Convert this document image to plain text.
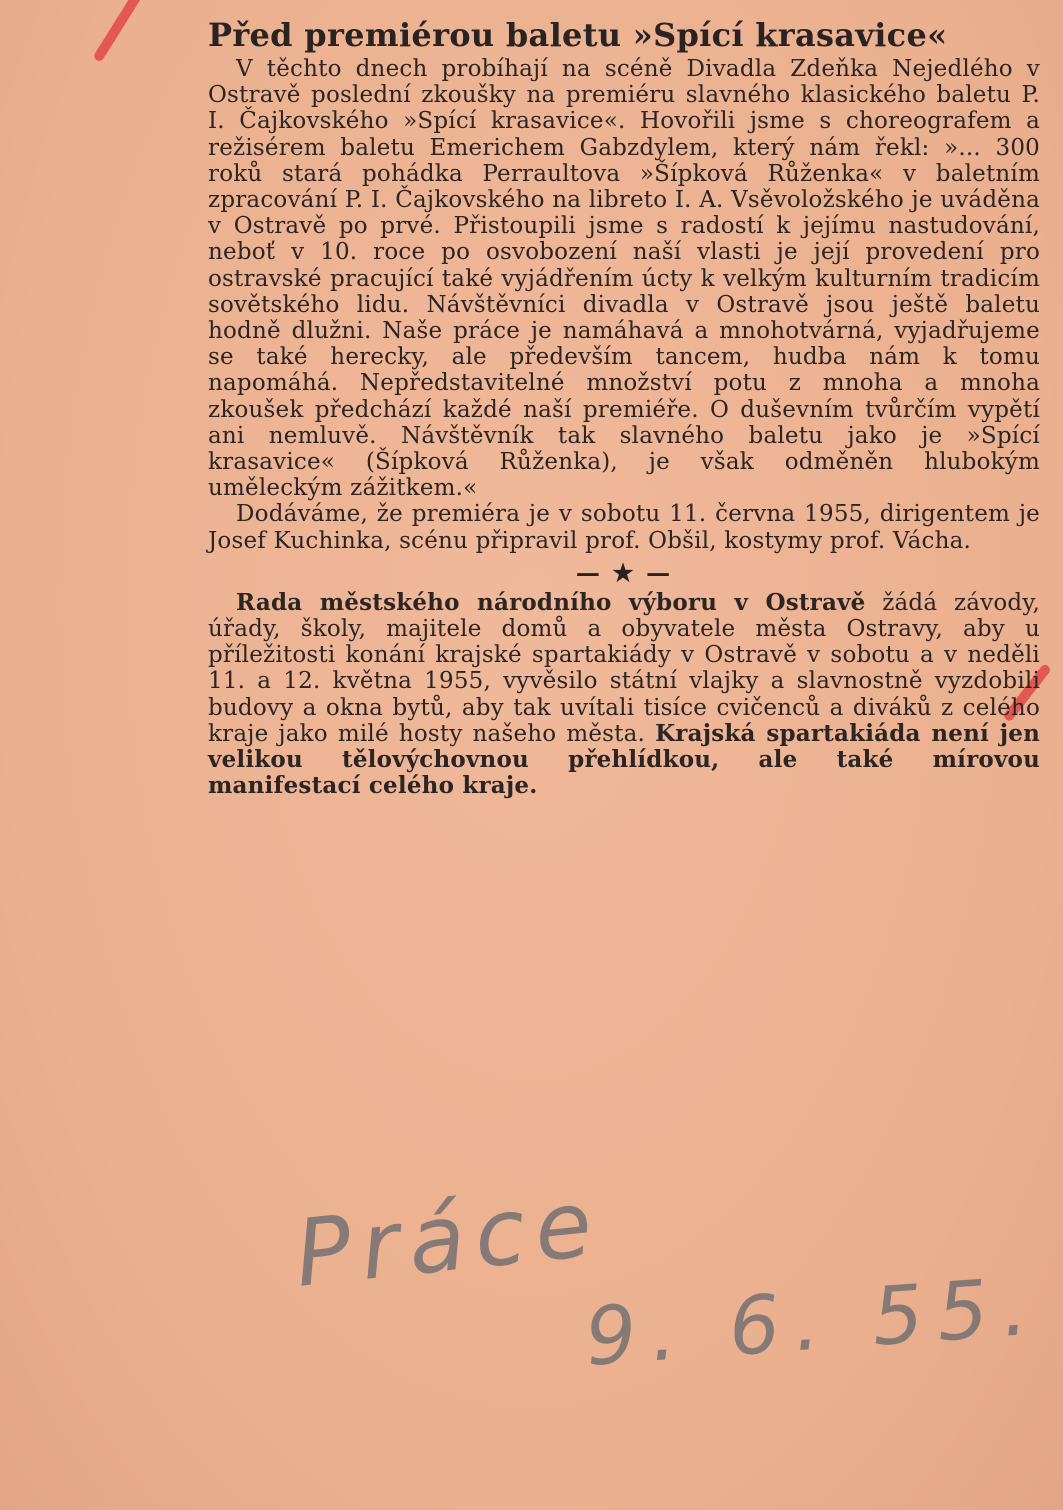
Před premiérou baletu »Spící krasavice«

V těchto dnech probíhají na scéně Divadla Zdeňka Nejedlého v Ostravě poslední zkoušky na premiéru slavného klasického baletu P. I. Čajkovského »Spící krasavice«. Hovořili jsme s choreografem a režisérem baletu Emerichem Gabzdylem, který nám řekl: »... 300 roků stará pohádka Perraultova »Šípková Růženka« v baletním zpracování P. I. Čajkovského na libreto I. A. Vsěvoložského je uváděna v Ostravě po prvé. Přistoupili jsme s radostí k jejímu nastudování, neboť v 10. roce po osvobození naší vlasti je její provedení pro ostravské pracující také vyjádřením úcty k velkým kulturním tradicím sovětského lidu. Návštěvníci divadla v Ostravě jsou ještě baletu hodně dlužni. Naše práce je namáhavá a mnohotvárná, vyjadřujeme se také herecky, ale především tancem, hudba nám k tomu napomáhá. Nepředstavitelné množství potu z mnoha a mnoha zkoušek předchází každé naší premiéře. O duševním tvůrčím vypětí ani nemluvě. Návštěvník tak slavného baletu jako je »Spící krasavice« (Šípková Růženka), je však odměněn hlubokým uměleckým zážitkem.«

Dodáváme, že premiéra je v sobotu 11. června 1955, dirigentem je Josef Kuchinka, scénu připravil prof. Obšil, kostymy prof. Vácha.

— ★ —

Rada městského národního výboru v Ostravě žádá závody, úřady, školy, majitele domů a obyvatele města Ostravy, aby u příležitosti konání krajské spartakiády v Ostravě v sobotu a v neděli 11. a 12. května 1955, vyvěsilo státní vlajky a slavnostně vyzdobili budovy a okna bytů, aby tak uvítali tisíce cvičenců a diváků z celého kraje jako milé hosty našeho města. Krajská spartakiáda není jen velikou tělovýchovnou přehlídkou, ale také mírovou manifestací celého kraje.

Práce
9. 6. 55.
